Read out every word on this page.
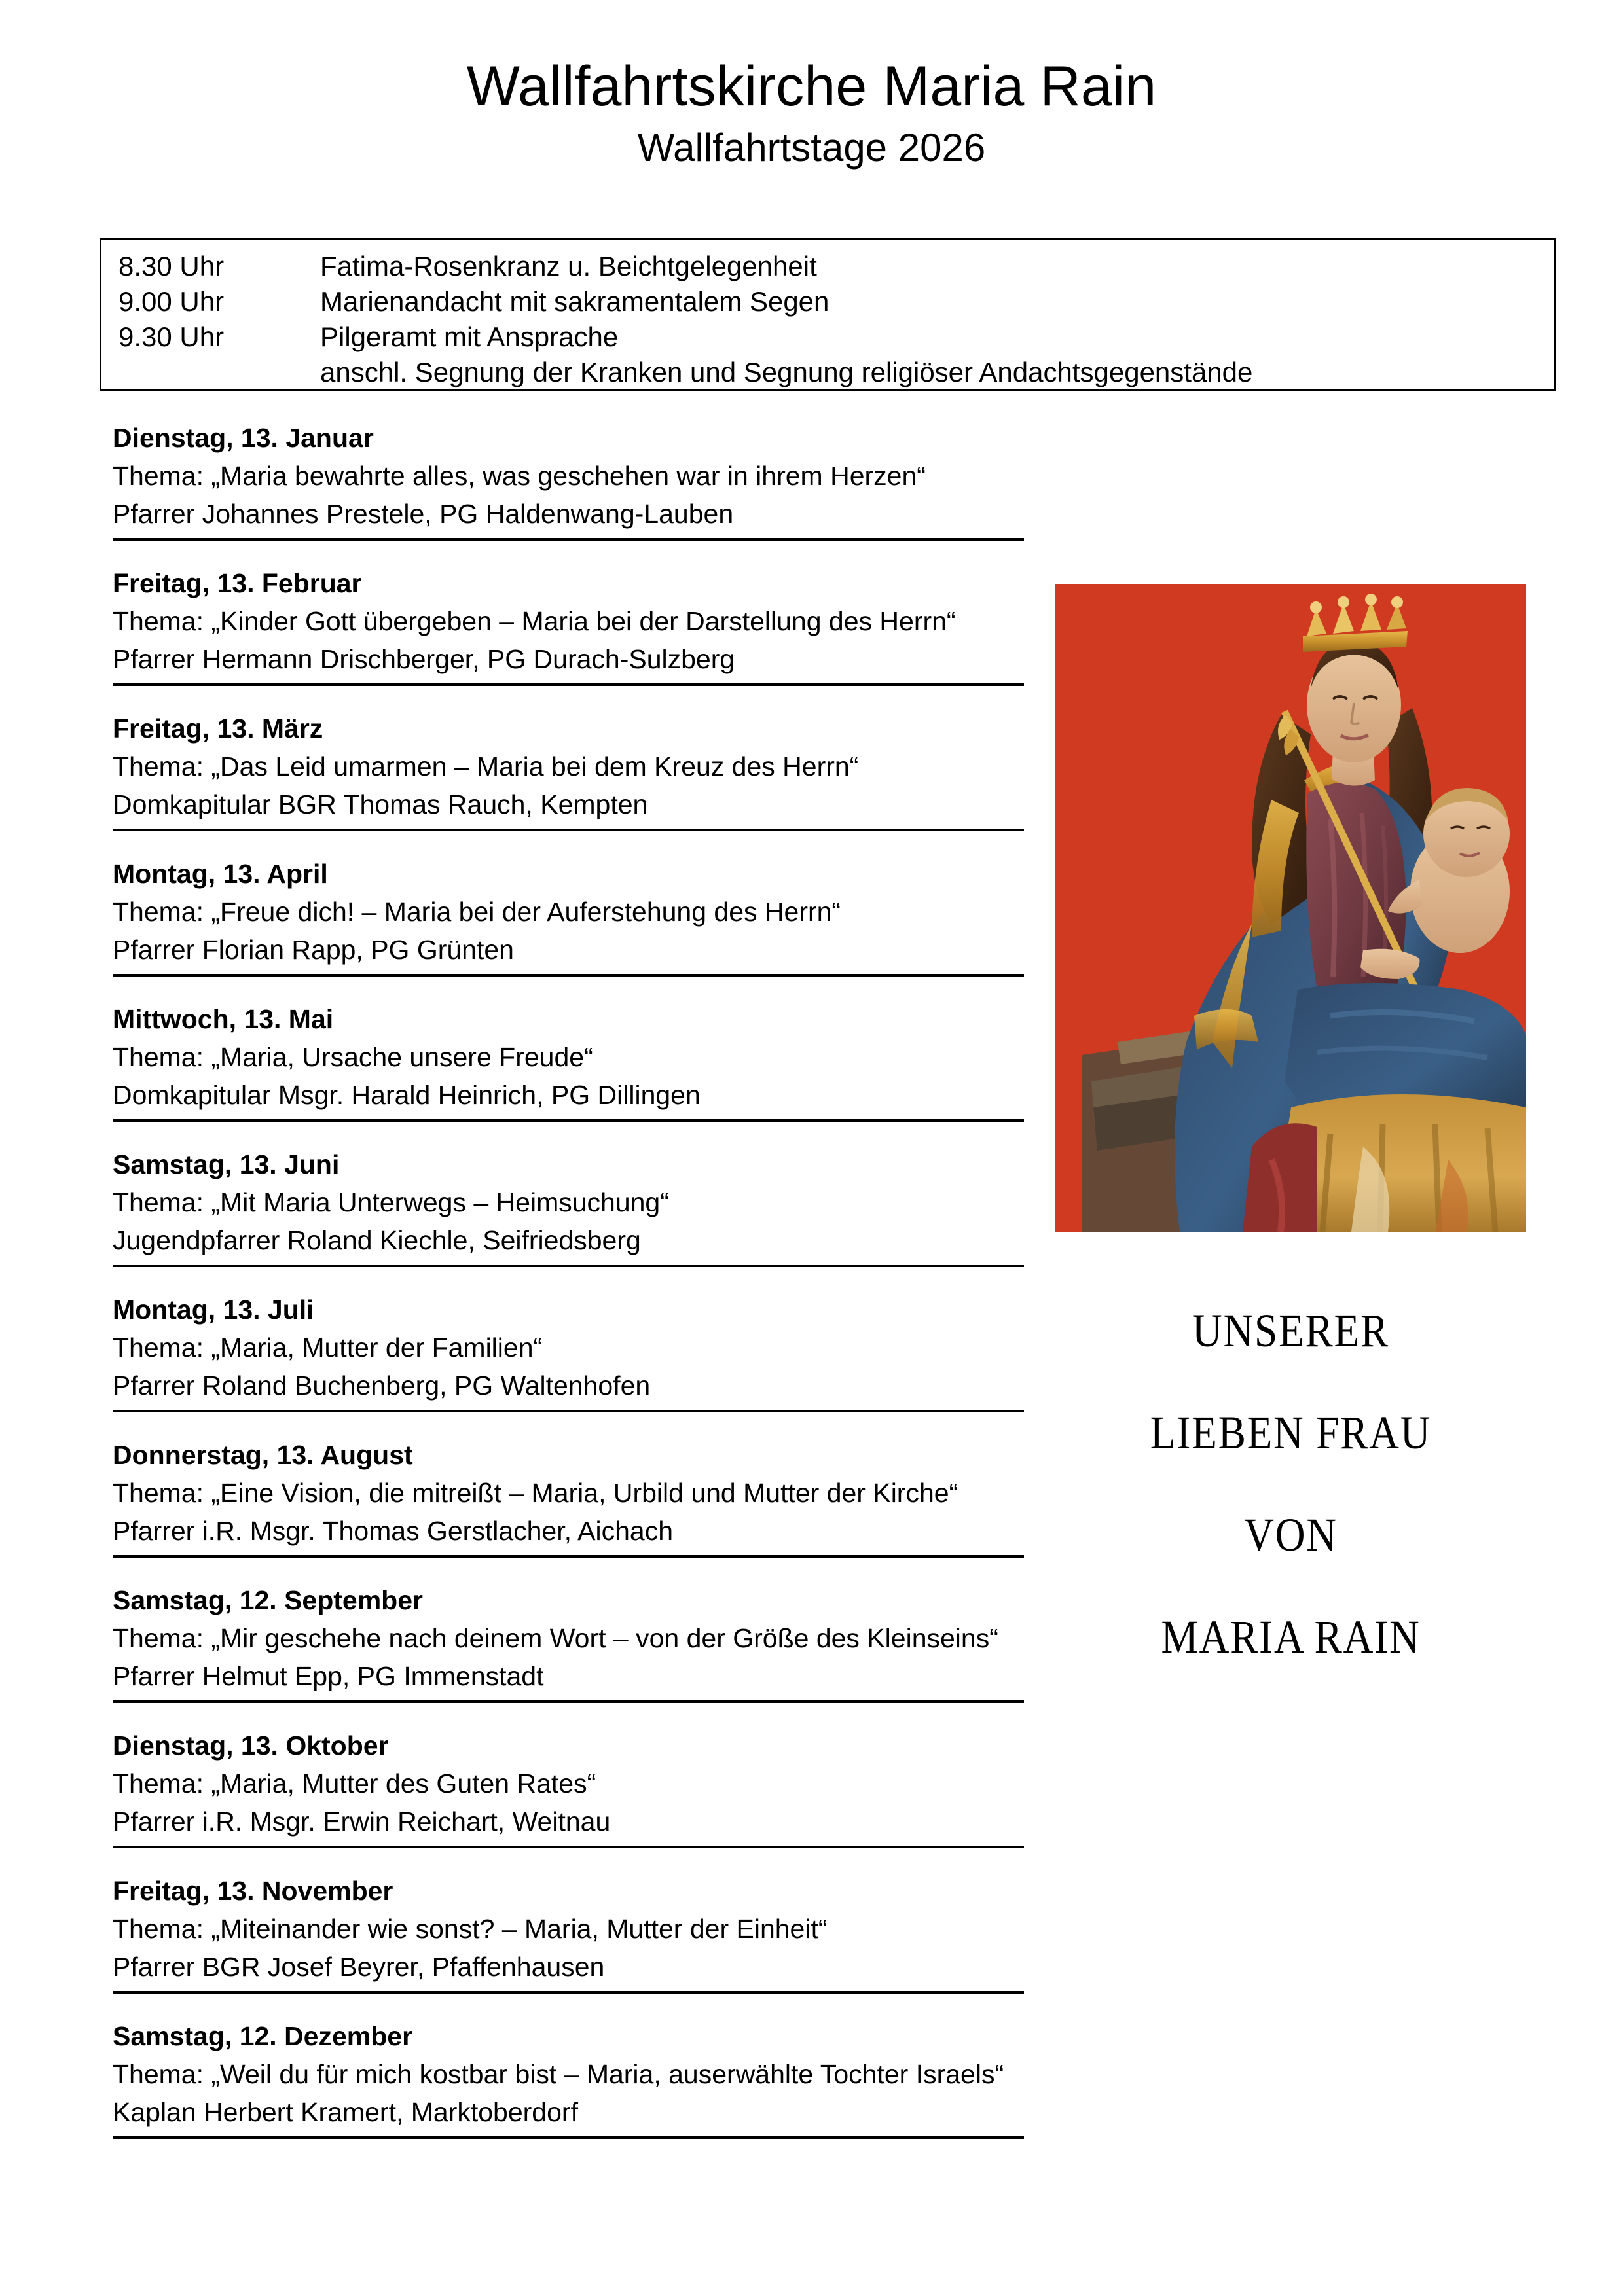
Wallfahrtskirche Maria Rain
Wallfahrtstage 2026
8.30 Uhr	Fatima-Rosenkranz u. Beichtgelegenheit
9.00 Uhr	Marienandacht mit sakramentalem Segen
9.30 Uhr	Pilgeramt mit Ansprache
anschl. Segnung der Kranken und Segnung religiöser Andachtsgegenstände
Dienstag, 13. Januar
Thema: „Maria bewahrte alles, was geschehen war in ihrem Herzen“
Pfarrer Johannes Prestele, PG Haldenwang-Lauben
Freitag, 13. Februar
Thema: „Kinder Gott übergeben – Maria bei der Darstellung des Herrn“
Pfarrer Hermann Drischberger, PG Durach-Sulzberg
Freitag, 13. März
Thema: „Das Leid umarmen – Maria bei dem Kreuz des Herrn“
Domkapitular BGR Thomas Rauch, Kempten
Montag, 13. April
Thema: „Freue dich! – Maria bei der Auferstehung des Herrn“
Pfarrer Florian Rapp, PG Grünten
Mittwoch, 13. Mai
Thema: „Maria, Ursache unsere Freude“
Domkapitular Msgr. Harald Heinrich, PG Dillingen
Samstag, 13. Juni
Thema: „Mit Maria Unterwegs – Heimsuchung“
Jugendpfarrer Roland Kiechle, Seifriedsberg
Montag, 13. Juli
Thema: „Maria, Mutter der Familien“
Pfarrer Roland Buchenberg, PG Waltenhofen
Donnerstag, 13. August
Thema: „Eine Vision, die mitreißt – Maria, Urbild und Mutter der Kirche“
Pfarrer i.R. Msgr. Thomas Gerstlacher, Aichach
Samstag, 12. September
Thema: „Mir geschehe nach deinem Wort – von der Größe des Kleinseins“
Pfarrer Helmut Epp, PG Immenstadt
Dienstag, 13. Oktober
Thema: „Maria, Mutter des Guten Rates“
Pfarrer i.R. Msgr. Erwin Reichart, Weitnau
Freitag, 13. November
Thema: „Miteinander wie sonst? – Maria, Mutter der Einheit“
Pfarrer BGR Josef Beyrer, Pfaffenhausen
Samstag, 12. Dezember
Thema: „Weil du für mich kostbar bist – Maria, auserwählte Tochter Israels“
Kaplan Herbert Kramert, Marktoberdorf
UNSERER
LIEBEN FRAU
VON
MARIA RAIN
